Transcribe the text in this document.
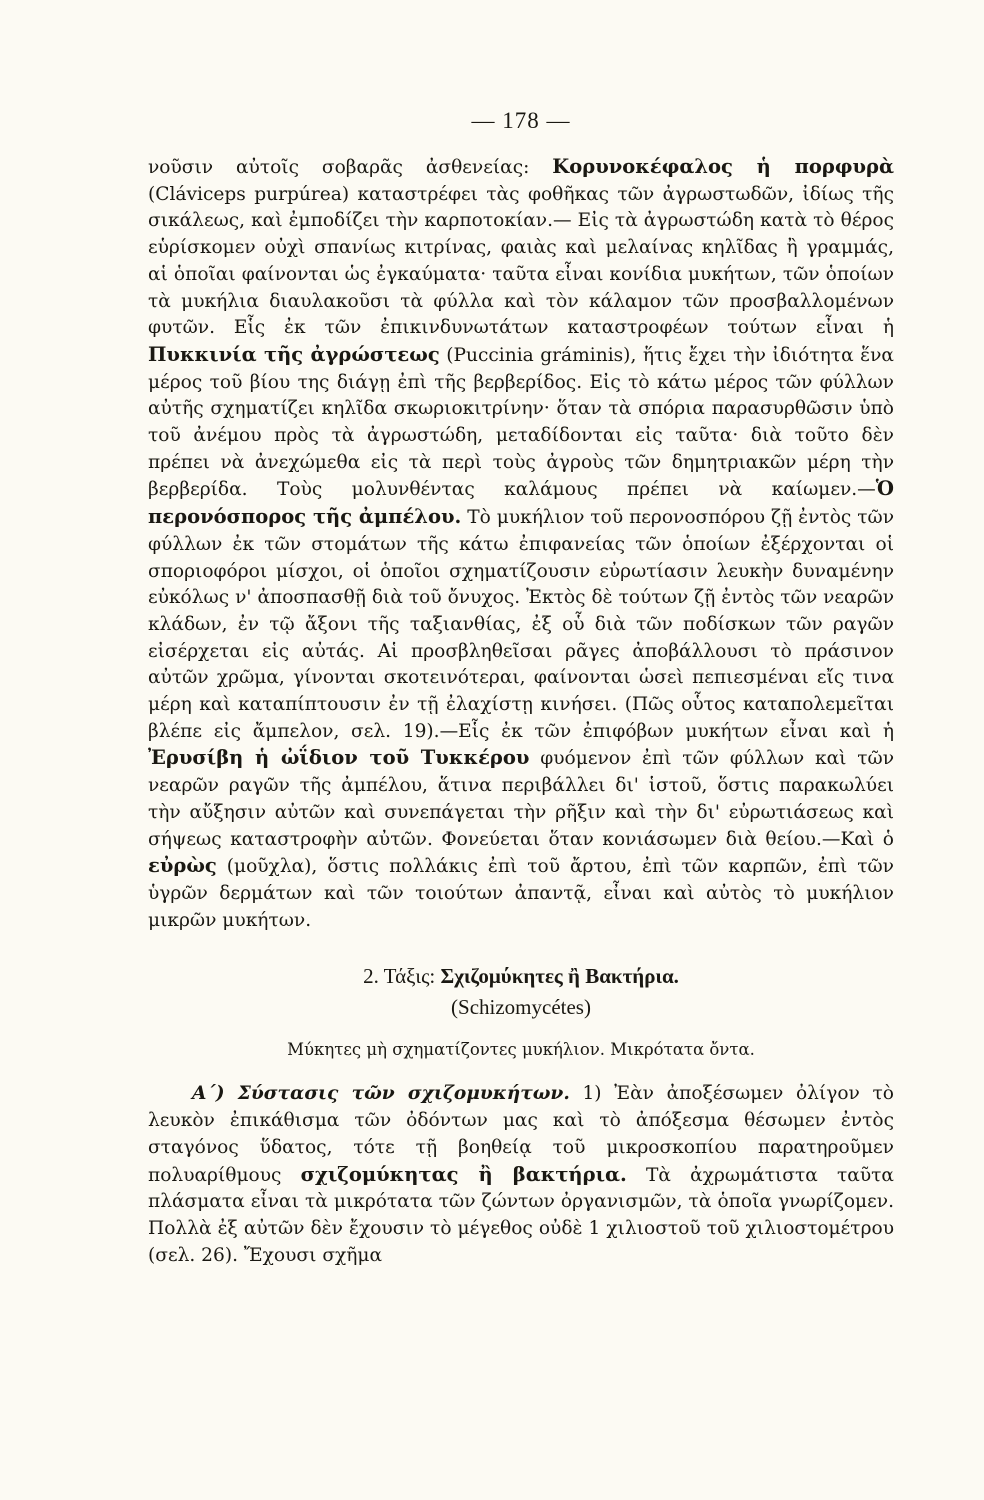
— 178 —

νοῦσιν αὐτοῖς σοβαρᾶς ἀσθενείας: Κορυνοκέφαλος ἡ πορφυρὰ (Cláviceps purpúrea) καταστρέφει τὰς φοθῆκας τῶν ἀγρωστωδῶν, ἰδίως τῆς σικάλεως, καὶ ἐμποδίζει τὴν καρποτοκίαν.— Εἰς τὰ ἀγρωστώδη κατὰ τὸ θέρος εὑρίσκομεν οὐχὶ σπανίως κιτρίνας, φαιὰς καὶ μελαίνας κηλῖδας ἢ γραμμάς, αἱ ὁποῖαι φαίνονται ὡς ἐγκαύματα· ταῦτα εἶναι κονίδια μυκήτων, τῶν ὁποίων τὰ μυκήλια διαυλακοῦσι τὰ φύλλα καὶ τὸν κάλαμον τῶν προσβαλλομένων φυτῶν. Εἷς ἐκ τῶν ἐπικινδυνωτάτων καταστροφέων τούτων εἶναι ἡ Πυκκινία τῆς ἀγρώστεως (Puccinia gráminis), ἥτις ἔχει τὴν ἰδιότητα ἕνα μέρος τοῦ βίου της διάγῃ ἐπὶ τῆς βερβερίδος. Εἰς τὸ κάτω μέρος τῶν φύλλων αὐτῆς σχηματίζει κηλῖδα σκωριοκιτρίνην· ὅταν τὰ σπόρια παρασυρθῶσιν ὑπὸ τοῦ ἀνέμου πρὸς τὰ ἀγρωστώδη, μεταδίδονται εἰς ταῦτα· διὰ τοῦτο δὲν πρέπει νὰ ἀνεχώμεθα εἰς τὰ περὶ τοὺς ἀγροὺς τῶν δημητριακῶν μέρη τὴν βερβερίδα. Τοὺς μολυνθέντας καλάμους πρέπει νὰ καίωμεν.—Ὁ περονόσπορος τῆς ἀμπέλου. Τὸ μυκήλιον τοῦ περονοσπόρου ζῇ ἐντὸς τῶν φύλλων ἐκ τῶν στομάτων τῆς κάτω ἐπιφανείας τῶν ὁποίων ἐξέρχονται οἱ σποριοφόροι μίσχοι, οἱ ὁποῖοι σχηματίζουσιν εὐρωτίασιν λευκὴν δυναμένην εὐκόλως ν' ἀποσπασθῇ διὰ τοῦ ὄνυχος. Ἐκτὸς δὲ τούτων ζῇ ἐντὸς τῶν νεαρῶν κλάδων, ἐν τῷ ἄξονι τῆς ταξιανθίας, ἐξ οὗ διὰ τῶν ποδίσκων τῶν ραγῶν εἰσέρχεται εἰς αὐτάς. Αἱ προσβληθεῖσαι ρᾶγες ἀποβάλλουσι τὸ πράσινον αὐτῶν χρῶμα, γίνονται σκοτεινότεραι, φαίνονται ὡσεὶ πεπιεσμέναι εἴς τινα μέρη καὶ καταπίπτουσιν ἐν τῇ ἐλαχίστῃ κινήσει. (Πῶς οὗτος καταπολεμεῖται βλέπε εἰς ἄμπελον, σελ. 19).—Εἷς ἐκ τῶν ἐπιφόβων μυκήτων εἶναι καὶ ἡ Ἐρυσίβη ἡ ὠΐδιον τοῦ Τυκκέρου φυόμενον ἐπὶ τῶν φύλλων καὶ τῶν νεαρῶν ραγῶν τῆς ἀμπέλου, ἅτινα περιβάλλει δι' ἱστοῦ, ὅστις παρακωλύει τὴν αὔξησιν αὐτῶν καὶ συνεπάγεται τὴν ρῆξιν καὶ τὴν δι' εὐρωτιάσεως καὶ σήψεως καταστροφὴν αὐτῶν. Φονεύεται ὅταν κονιάσωμεν διὰ θείου.—Καὶ ὁ εὐρὼς (μοῦχλα), ὅστις πολλάκις ἐπὶ τοῦ ἄρτου, ἐπὶ τῶν καρπῶν, ἐπὶ τῶν ὑγρῶν δερμάτων καὶ τῶν τοιούτων ἀπαντᾷ, εἶναι καὶ αὐτὸς τὸ μυκήλιον μικρῶν μυκήτων.

2. Τάξις: Σχιζομύκητες ἢ Βακτήρια.
(Schizomycétes)
Μύκητες μὴ σχηματίζοντες μυκήλιον. Μικρότατα ὄντα.

Α΄) Σύστασις τῶν σχιζομυκήτων. 1) Ἐὰν ἀποξέσωμεν ὀλίγον τὸ λευκὸν ἐπικάθισμα τῶν ὀδόντων μας καὶ τὸ ἀπόξεσμα θέσωμεν ἐντὸς σταγόνος ὕδατος, τότε τῇ βοηθείᾳ τοῦ μικροσκοπίου παρατηροῦμεν πολυαρίθμους σχιζομύκητας ἢ βακτήρια. Τὰ ἀχρωμάτιστα ταῦτα πλάσματα εἶναι τὰ μικρότατα τῶν ζώντων ὀργανισμῶν, τὰ ὁποῖα γνωρίζομεν. Πολλὰ ἐξ αὐτῶν δὲν ἔχουσιν τὸ μέγεθος οὐδὲ 1 χιλιοστοῦ τοῦ χιλιοστομέτρου (σελ. 26). Ἔχουσι σχῆμα
